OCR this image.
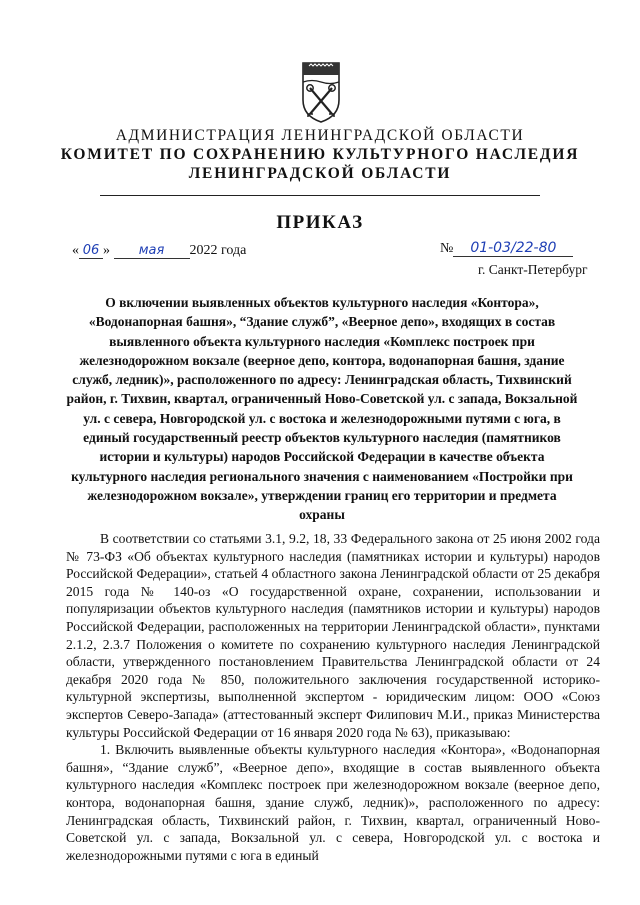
АДМИНИСТРАЦИЯ ЛЕНИНГРАДСКОЙ ОБЛАСТИ
КОМИТЕТ ПО СОХРАНЕНИЮ КУЛЬТУРНОГО НАСЛЕДИЯ
ЛЕНИНГРАДСКОЙ ОБЛАСТИ
ПРИКАЗ
« 06 » мая 2022 года	№ 01-03/22-80
г. Санкт-Петербург
О включении выявленных объектов культурного наследия «Контора», «Водонапорная башня», “Здание служб”, «Веерное депо», входящих в состав выявленного объекта культурного наследия «Комплекс построек при железнодорожном вокзале (веерное депо, контора, водонапорная башня, здание служб, ледник)», расположенного по адресу: Ленинградская область, Тихвинский район, г. Тихвин, квартал, ограниченный Ново-Советской ул. с запада, Вокзальной ул. с севера, Новгородской ул. с востока и железнодорожными путями с юга, в единый государственный реестр объектов культурного наследия (памятников истории и культуры) народов Российской Федерации в качестве объекта культурного наследия регионального значения с наименованием «Постройки при железнодорожном вокзале», утверждении границ его территории и предмета охраны

В соответствии со статьями 3.1, 9.2, 18, 33 Федерального закона от 25 июня 2002 года № 73-ФЗ «Об объектах культурного наследия (памятниках истории и культуры) народов Российской Федерации», статьей 4 областного закона Ленинградской области от 25 декабря 2015 года № 140-оз «О государственной охране, сохранении, использовании и популяризации объектов культурного наследия (памятников истории и культуры) народов Российской Федерации, расположенных на территории Ленинградской области», пунктами 2.1.2, 2.3.7 Положения о комитете по сохранению культурного наследия Ленинградской области, утвержденного постановлением Правительства Ленинградской области от 24 декабря 2020 года № 850, положительного заключения государственной историко-культурной экспертизы, выполненной экспертом - юридическим лицом: ООО «Союз экспертов Северо-Запада» (аттестованный эксперт Филипович М.И., приказ Министерства культуры Российской Федерации от 16 января 2020 года № 63), приказываю:

1. Включить выявленные объекты культурного наследия «Контора», «Водонапорная башня», “Здание служб”, «Веерное депо», входящие в состав выявленного объекта культурного наследия «Комплекс построек при железнодорожном вокзале (веерное депо, контора, водонапорная башня, здание служб, ледник)», расположенного по адресу: Ленинградская область, Тихвинский район, г. Тихвин, квартал, ограниченный Ново-Советской ул. с запада, Вокзальной ул. с севера, Новгородской ул. с востока и железнодорожными путями с юга в единый
